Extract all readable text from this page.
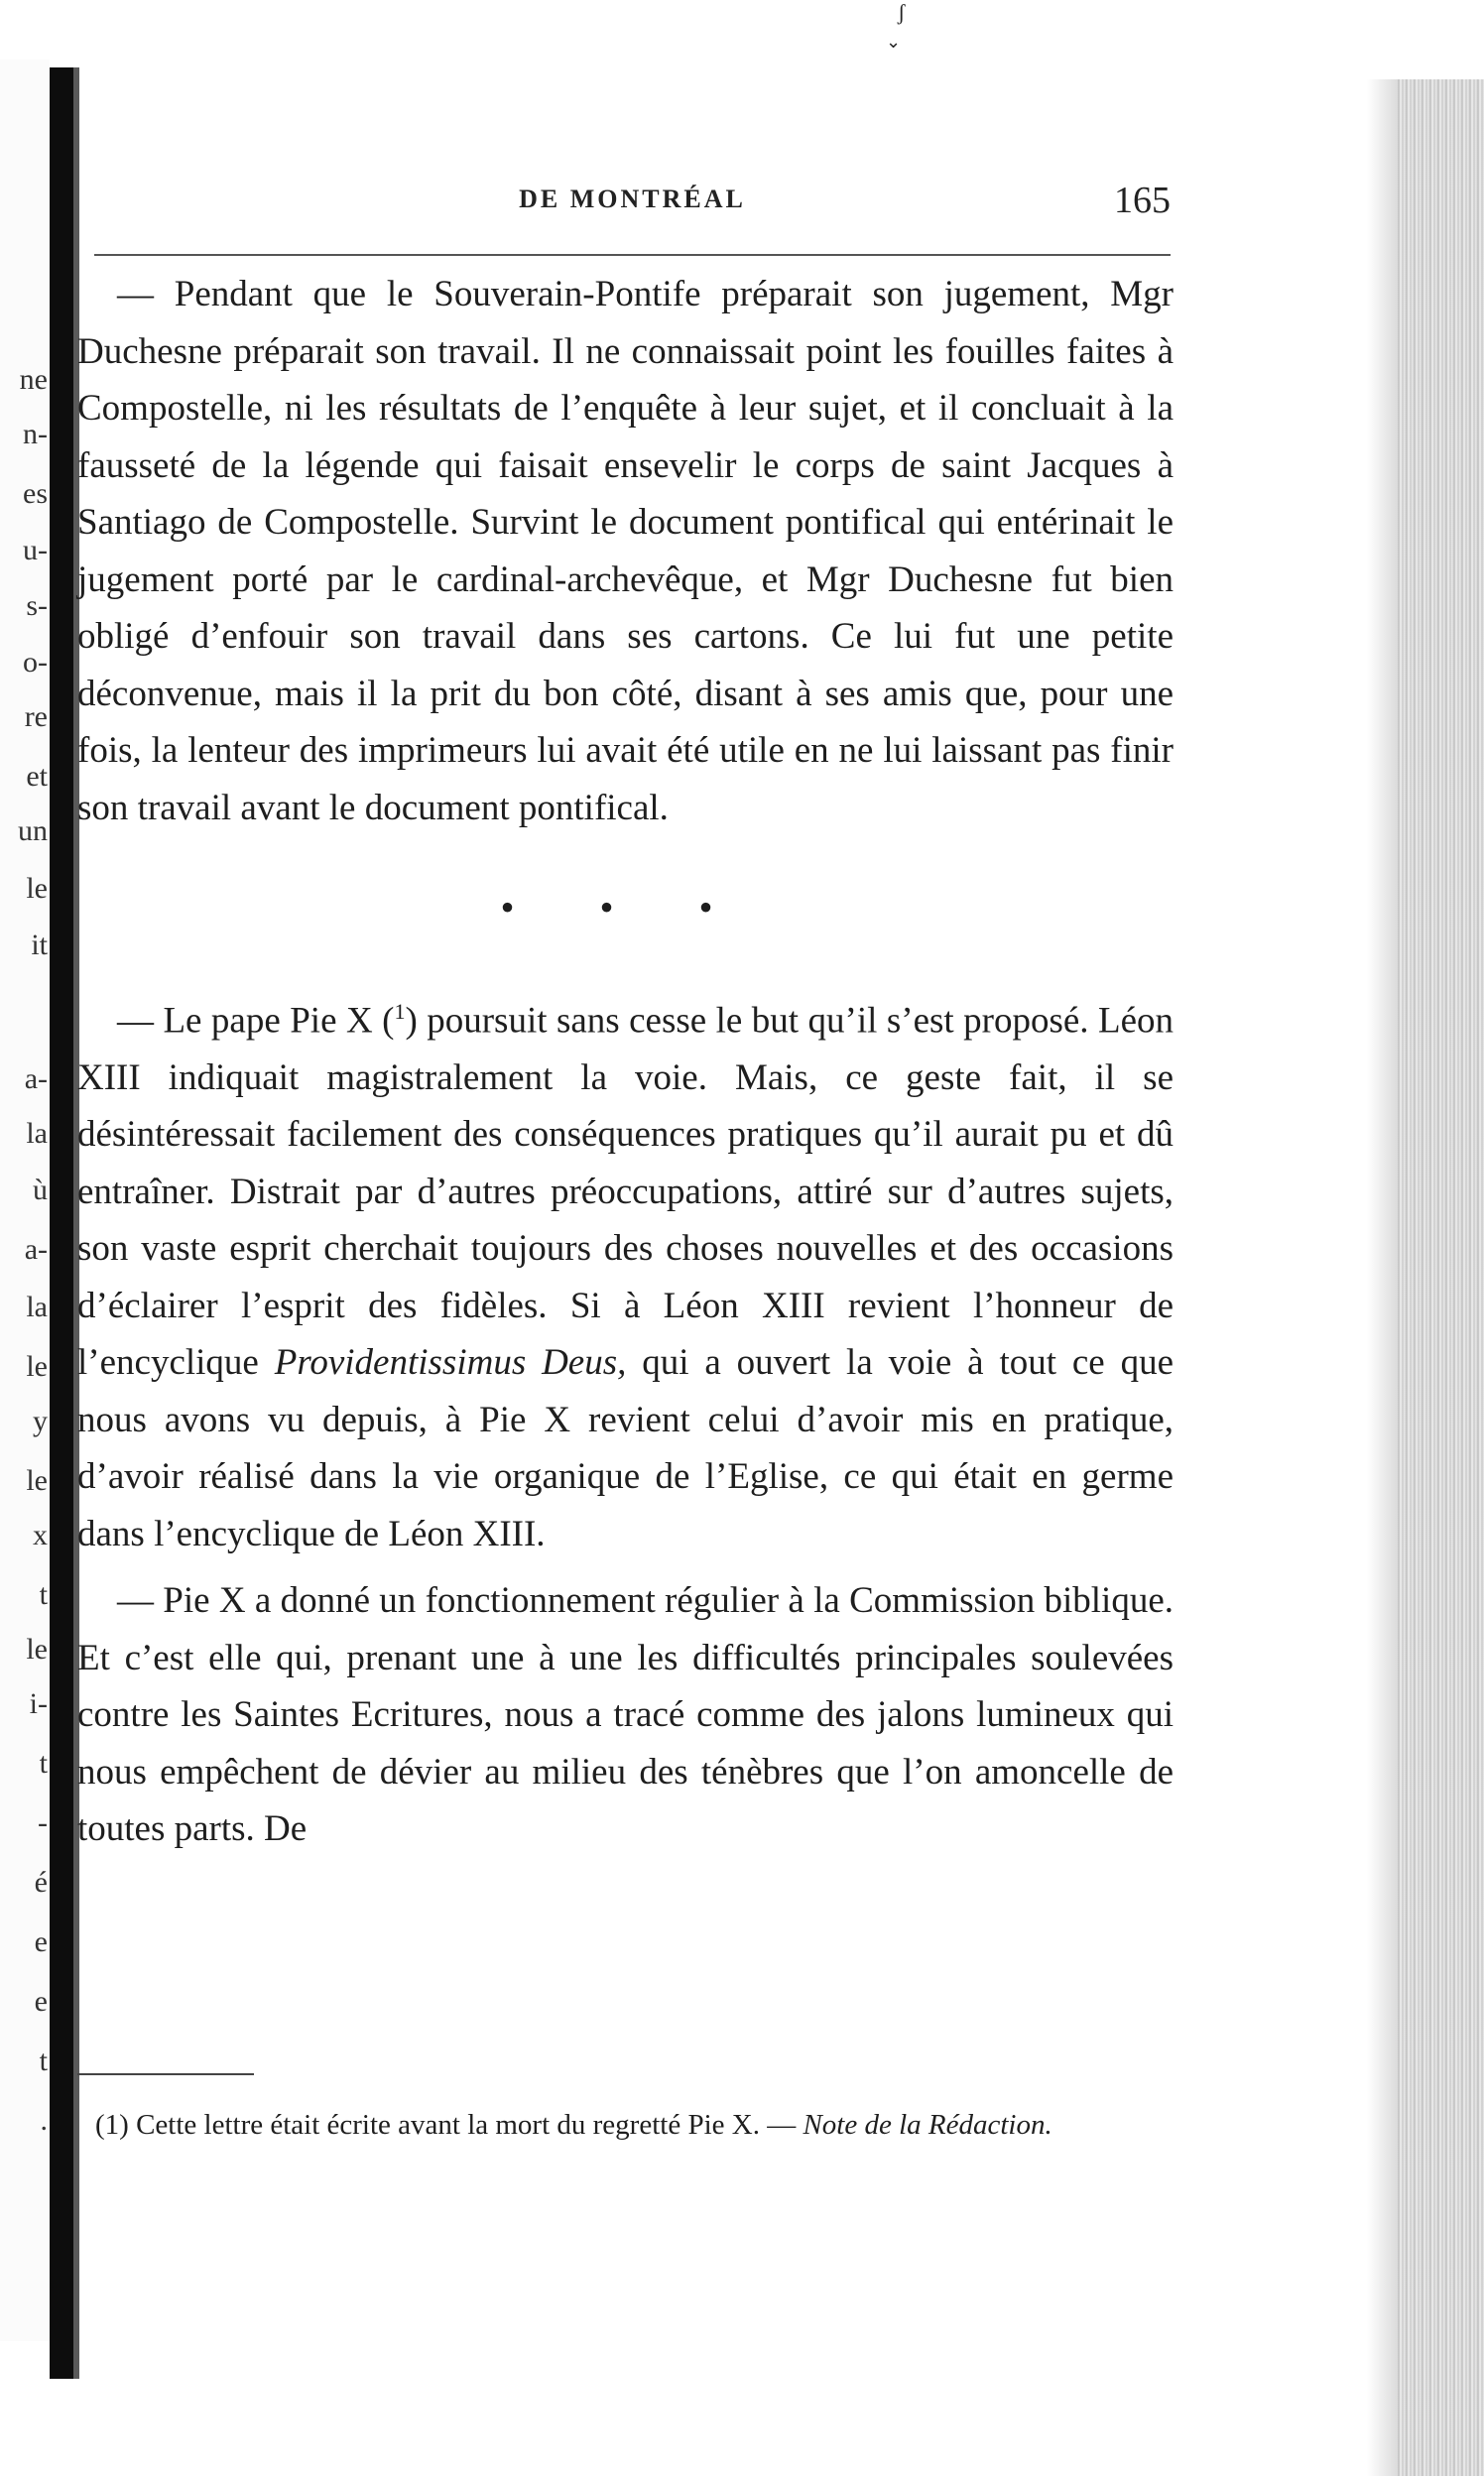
ʃ
⌄
ne
n-
es
u-
s-
o-
re
et
un
le
it
a-
la
ù
a-
la
le
y
le
x
t
le
i-
t
-
é
e
e
t
.
DE MONTRÉAL	165

— Pendant que le Souverain-Pontife préparait son jugement, Mgr Duchesne préparait son travail. Il ne connaissait point les fouilles faites à Compostelle, ni les résultats de l’enquête à leur sujet, et il concluait à la fausseté de la légende qui faisait ensevelir le corps de saint Jacques à Santiago de Compostelle. Survint le document pontifical qui entérinait le jugement porté par le cardinal-archevêque, et Mgr Duchesne fut bien obligé d’enfouir son travail dans ses cartons. Ce lui fut une petite déconvenue, mais il la prit du bon côté, disant à ses amis que, pour une fois, la lenteur des imprimeurs lui avait été utile en ne lui laissant pas finir son travail avant le document pontifical.

• • •

— Le pape Pie X ($^1$) poursuit sans cesse le but qu’il s’est proposé. Léon XIII indiquait magistralement la voie. Mais, ce geste fait, il se désintéressait facilement des conséquences pratiques qu’il aurait pu et dû entraîner. Distrait par d’autres préoccupations, attiré sur d’autres sujets, son vaste esprit cherchait toujours des choses nouvelles et des occasions d’éclairer l’esprit des fidèles. Si à Léon XIII revient l’honneur de l’encyclique Providentissimus Deus, qui a ouvert la voie à tout ce que nous avons vu depuis, à Pie X revient celui d’avoir mis en pratique, d’avoir réalisé dans la vie organique de l’Eglise, ce qui était en germe dans l’encyclique de Léon XIII.

— Pie X a donné un fonctionnement régulier à la Commission biblique. Et c’est elle qui, prenant une à une les difficultés principales soulevées contre les Saintes Ecritures, nous a tracé comme des jalons lumineux qui nous empêchent de dévier au milieu des ténèbres que l’on amoncelle de toutes parts. De

(1) Cette lettre était écrite avant la mort du regretté Pie X. — Note de la Rédaction.
